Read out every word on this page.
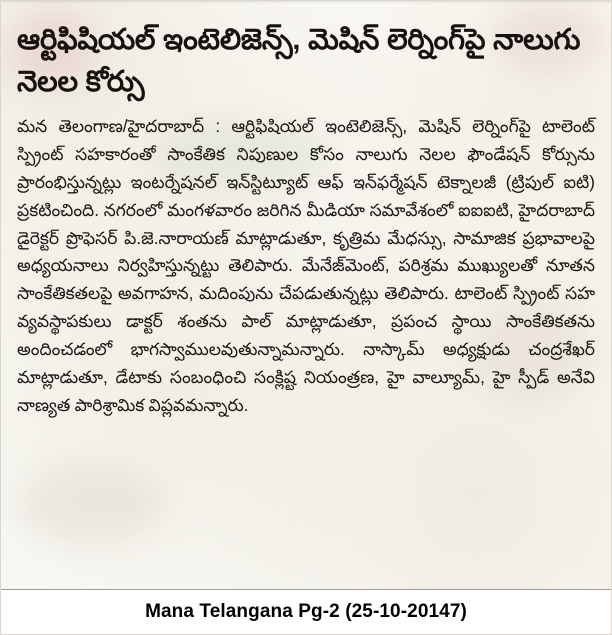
ఆర్టిఫిషియల్ ఇంటెలిజెన్స్, మెషిన్ లెర్నింగ్‌పై నాలుగు నెలల కోర్సు

మన తెలంగాణ/హైదరాబాద్ : ఆర్టిఫిషియల్ ఇంటెలిజెన్స్, మెషిన్ లెర్నింగ్‌పై టాలెంట్ స్ప్రింట్ సహకారంతో సాంకేతిక నిపుణుల కోసం నాలుగు నెలల ఫౌండేషన్ కోర్సును ప్రారంభిస్తున్నట్లు ఇంటర్నేషనల్ ఇన్‌స్టిట్యూట్ ఆఫ్ ఇన్‌ఫర్మేషన్ టెక్నాలజీ (ట్రిపుల్ ఐటి) ప్రకటించింది. నగరంలో మంగళవారం జరిగిన మీడియా సమావేశంలో ఐఐఐటి, హైదరాబాద్ డైరెక్టర్ ప్రొఫెసర్ పి.జె.నారాయణ్ మాట్లాడుతూ, కృత్రిమ మేధస్సు, సామాజిక ప్రభావాలపై అధ్యయనాలు నిర్వహిస్తున్నట్టు తెలిపారు. మేనేజ్‌మెంట్, పరిశ్రమ ముఖ్యులతో నూతన సాంకేతికతలపై అవగాహన, మదింపును చేపడుతున్నట్లు తెలిపారు. టాలెంట్ స్ప్రింట్ సహ వ్యవస్థాపకులు డాక్టర్ శంతను పాల్ మాట్లాడుతూ, ప్రపంచ స్థాయి సాంకేతికతను అందించడంలో భాగస్వాములవుతున్నామన్నారు. నాస్కామ్ అధ్యక్షుడు చంద్రశేఖర్ మాట్లాడుతూ, డేటాకు సంబంధించి సంక్లిష్ట నియంత్రణ, హై వాల్యూమ్, హై స్పీడ్ అనేవి నాణ్యత పారిశ్రామిక విప్లవమన్నారు.

Mana Telangana Pg-2 (25-10-20147)
